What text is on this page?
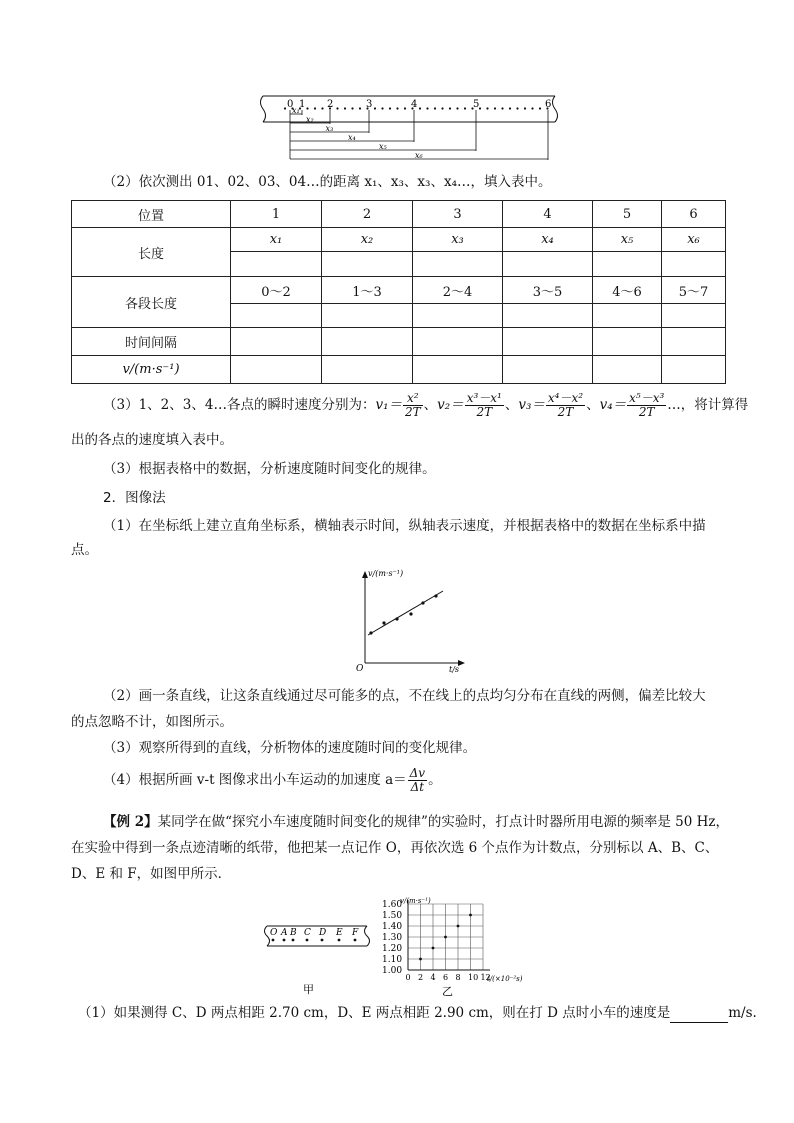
0 1 2	3	4	5	6
x₁
x₂
x₃
x₄
x₅
x₆

（2）依次测出 01、02、03、04…的距离 x₁、x₃、x₃、x₄…，填入表中。

位置	1	2	3	4	5	6
长度	x₁	x₂	x₃	x₄	x₅	x₆

各段长度	0～2	1～3	2～4	3～5	4～6	5～7

时间间隔						
v/(m·s⁻¹)						
（3）1、2、3、4…各点的瞬时速度分别为：$v_1= \frac{\text{x²}}{2T}$ 、$v_2= \frac{\text{x³－x¹}}{2T}$ 、$v_3= \frac{\text{x⁴－x²}}{2T}$ 、$v_4= \frac{\text{x⁵－x³}}{2T}$ …，将计算得

出的各点的速度填入表中。

（3）根据表格中的数据，分析速度随时间变化的规律。

2．图像法

（1）在坐标纸上建立直角坐标系，横轴表示时间，纵轴表示速度，并根据表格中的数据在坐标系中描

点。

v/(m·s⁻¹)
O	t/s

（2）画一条直线，让这条直线通过尽可能多的点，不在线上的点均匀分布在直线的两侧，偏差比较大

的点忽略不计，如图所示。

（3）观察所得到的直线，分析物体的速度随时间的变化规律。

（4）根据所画 v-t 图像求出小车运动的加速度 $a= \frac{\Delta v}{\Delta t}$ 。

【例 2】某同学在做“探究小车速度随时间变化的规律”的实验时，打点计时器所用电源的频率是 50 Hz，

在实验中得到一条点迹清晰的纸带，他把某一点记作 O，再依次选 6 个点作为计数点，分别标以 A、B、C、

D、E 和 F，如图甲所示．

O A B C D E F
甲
1.00
1.10
1.20
1.30
1.40
1.50
1.60
0 2 4 6 8 10 12
v/(m·s⁻¹)
t/(×10⁻²s)
乙
（1）如果测得 C、D 两点相距 2.70 cm，D、E 两点相距 2.90 cm，则在打 D 点时小车的速度是	m/s.
